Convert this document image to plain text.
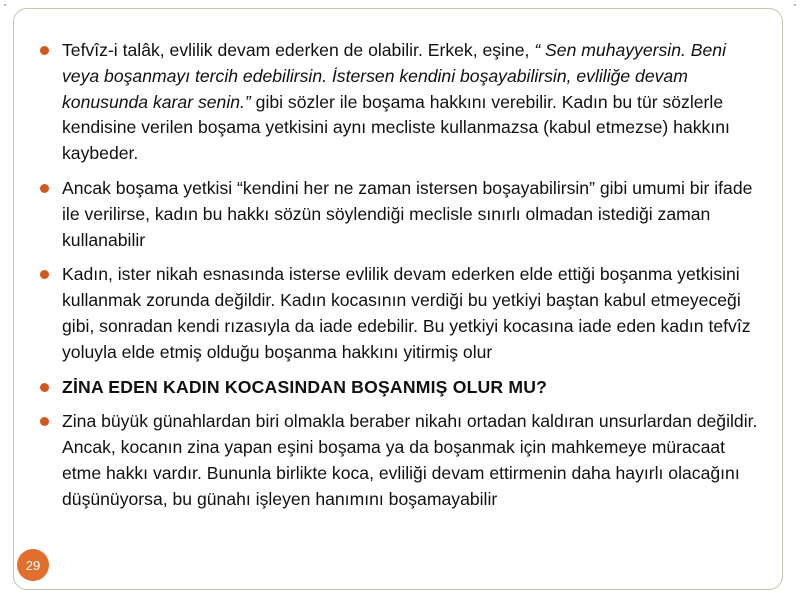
Tefvîz-i talâk, evlilik devam ederken de olabilir. Erkek, eşine, “ Sen muhayyersin. Beni veya boşanmayı tercih edebilirsin. İstersen kendini boşayabilirsin, evliliğe devam konusunda karar senin.” gibi sözler ile boşama hakkını verebilir. Kadın bu tür sözlerle kendisine verilen boşama yetkisini aynı mecliste kullanmazsa (kabul etmezse) hakkını kaybeder.
Ancak boşama yetkisi “kendini her ne zaman istersen boşayabilirsin” gibi umumi bir ifade ile verilirse, kadın bu hakkı sözün söylendiği meclisle sınırlı olmadan istediği zaman kullanabilir
Kadın, ister nikah esnasında isterse evlilik devam ederken elde ettiği boşanma yetkisini kullanmak zorunda değildir. Kadın kocasının verdiği bu yetkiyi baştan kabul etmeyeceği gibi, sonradan kendi rızasıyla da iade edebilir. Bu yetkiyi kocasına iade eden kadın tefvîz yoluyla elde etmiş olduğu boşanma hakkını yitirmiş olur
ZİNA EDEN KADIN KOCASINDAN BOŞANMIŞ OLUR MU?
Zina büyük günahlardan biri olmakla beraber nikahı ortadan kaldıran unsurlardan değildir. Ancak, kocanın zina yapan eşini boşama ya da boşanmak için mahkemeye müracaat etme hakkı vardır. Bununla birlikte koca, evliliği devam ettirmenin daha hayırlı olacağını düşünüyorsa, bu günahı işleyen hanımını boşamayabilir
29
